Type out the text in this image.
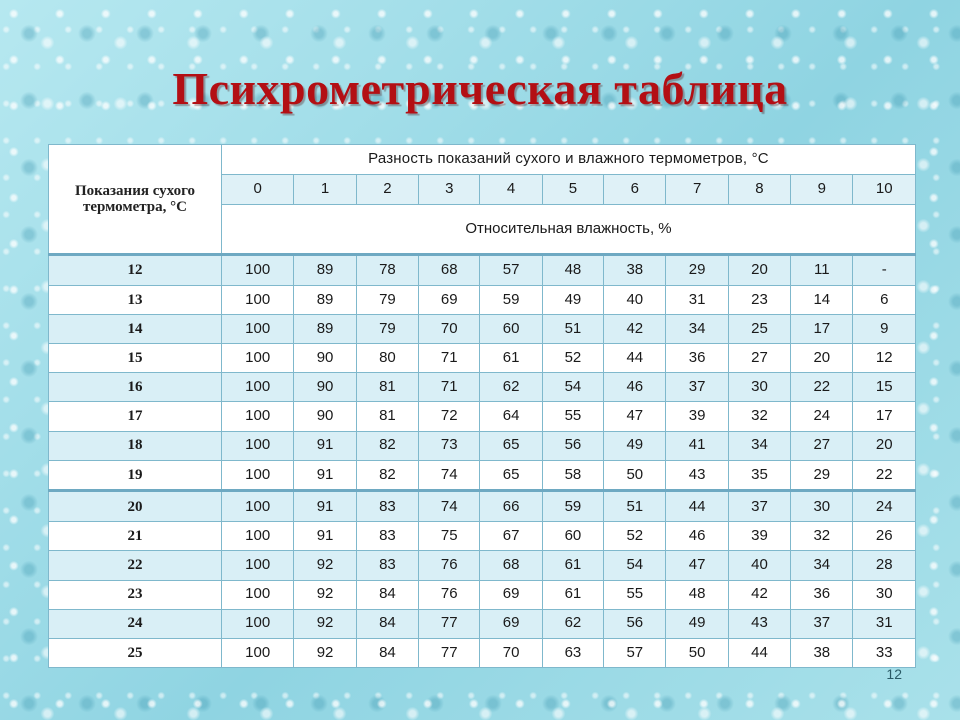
Психрометрическая таблица
Показания сухого термометра, °С	Разность показаний сухого и влажного термометров, °С										
	0	1	2	3	4	5	6	7	8	9	10
	Относительная влажность, %										
12	100	89	78	68	57	48	38	29	20	11	-
13	100	89	79	69	59	49	40	31	23	14	6
14	100	89	79	70	60	51	42	34	25	17	9
15	100	90	80	71	61	52	44	36	27	20	12
16	100	90	81	71	62	54	46	37	30	22	15
17	100	90	81	72	64	55	47	39	32	24	17
18	100	91	82	73	65	56	49	41	34	27	20
19	100	91	82	74	65	58	50	43	35	29	22
20	100	91	83	74	66	59	51	44	37	30	24
21	100	91	83	75	67	60	52	46	39	32	26
22	100	92	83	76	68	61	54	47	40	34	28
23	100	92	84	76	69	61	55	48	42	36	30
24	100	92	84	77	69	62	56	49	43	37	31
25	100	92	84	77	70	63	57	50	44	38	33
12
